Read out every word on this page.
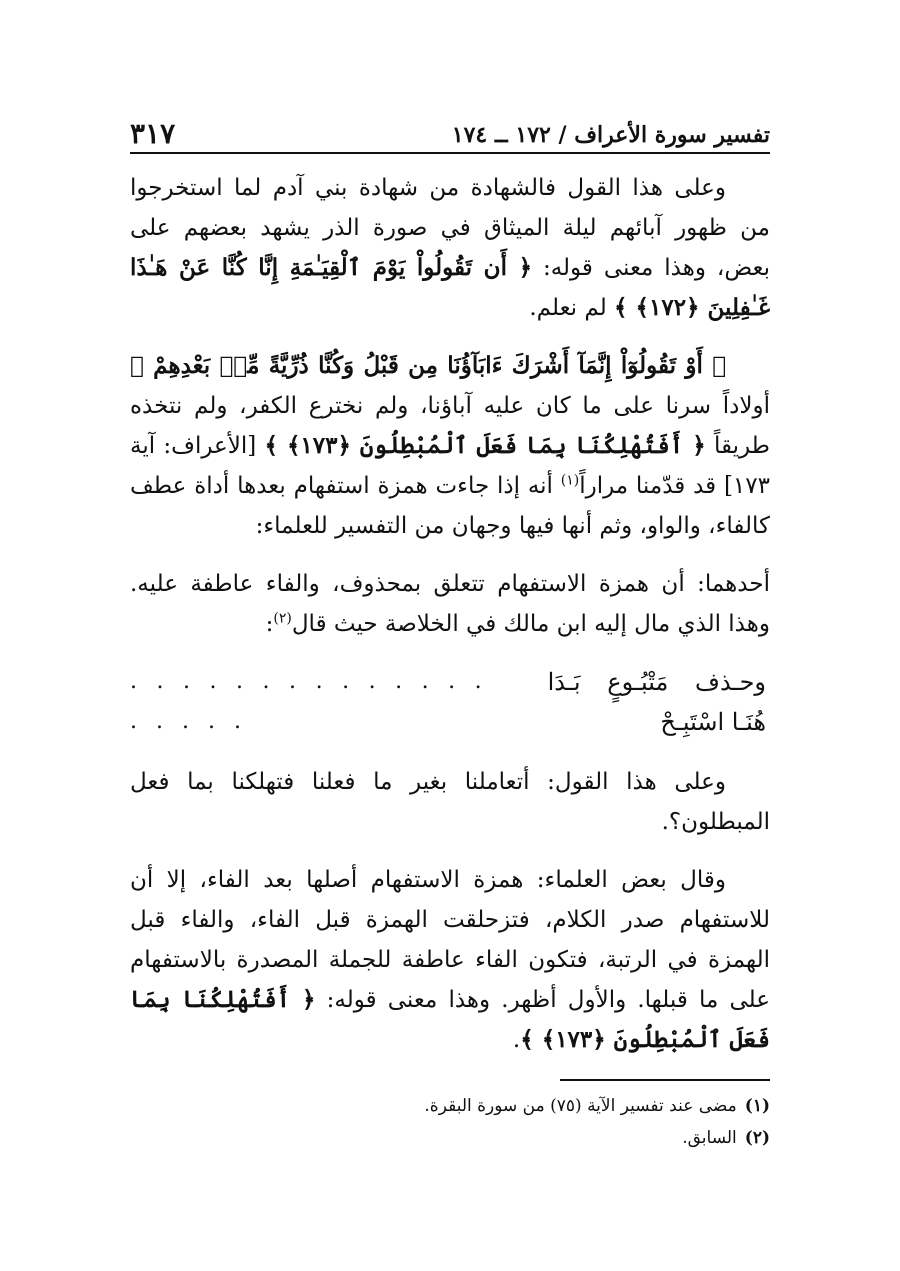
تفسير سورة الأعراف / ١٧٢ ــ ١٧٤
٣١٧

وعلى هذا القول فالشهادة من شهادة بني آدم لما استخرجوا من ظهور آبائهم ليلة الميثاق في صورة الذر يشهد بعضهم على بعض، وهذا معنى قوله: ﴿ أَن تَقُولُواْ يَوْمَ ٱلْقِيَـٰمَةِ إِنَّا كُنَّا عَنْ هَـٰذَا غَـٰفِلِينَ ﴿١٧٢﴾ ﴾ لم نعلم.

﴿ أَوْ تَقُولُوٓاْ إِنَّمَآ أَشْرَكَ ءَابَآؤُنَا مِن قَبْلُ وَكُنَّا ذُرِّيَّةً مِّنۢ بَعْدِهِمْ ﴾ أولاداً سرنا على ما كان عليه آباؤنا، ولم نخترع الكفر، ولم نتخذه طريقاً ﴿ أَفَتُهْلِكُنَا بِمَا فَعَلَ ٱلْمُبْطِلُونَ ﴿١٧٣﴾ ﴾ [الأعراف: آية ١٧٣] قد قدّمنا مراراً$^{(١)}$ أنه إذا جاءت همزة استفهام بعدها أداة عطف كالفاء، والواو، وثم أنها فيها وجهان من التفسير للعلماء:

أحدهما: أن همزة الاستفهام تتعلق بمحذوف، والفاء عاطفة عليه. وهذا الذي مال إليه ابن مالك في الخلاصة حيث قال$^{(٢)}$:

وحـذف مَتْبُـوعٍ بَـدَا هُنَـا اسْتَبِـحْ
. . . . . . . . . . . . . . . . . . .

وعلى هذا القول: أتعاملنا بغير ما فعلنا فتهلكنا بما فعل المبطلون؟.

وقال بعض العلماء: همزة الاستفهام أصلها بعد الفاء، إلا أن للاستفهام صدر الكلام، فتزحلقت الهمزة قبل الفاء، والفاء قبل الهمزة في الرتبة، فتكون الفاء عاطفة للجملة المصدرة بالاستفهام على ما قبلها. والأول أظهر. وهذا معنى قوله: ﴿ أَفَتُهْلِكُنَا بِمَا فَعَلَ ٱلْمُبْطِلُونَ ﴿١٧٣﴾ ﴾.

(١)مضى عند تفسير الآية (٧٥) من سورة البقرة.

(٢)السابق.
